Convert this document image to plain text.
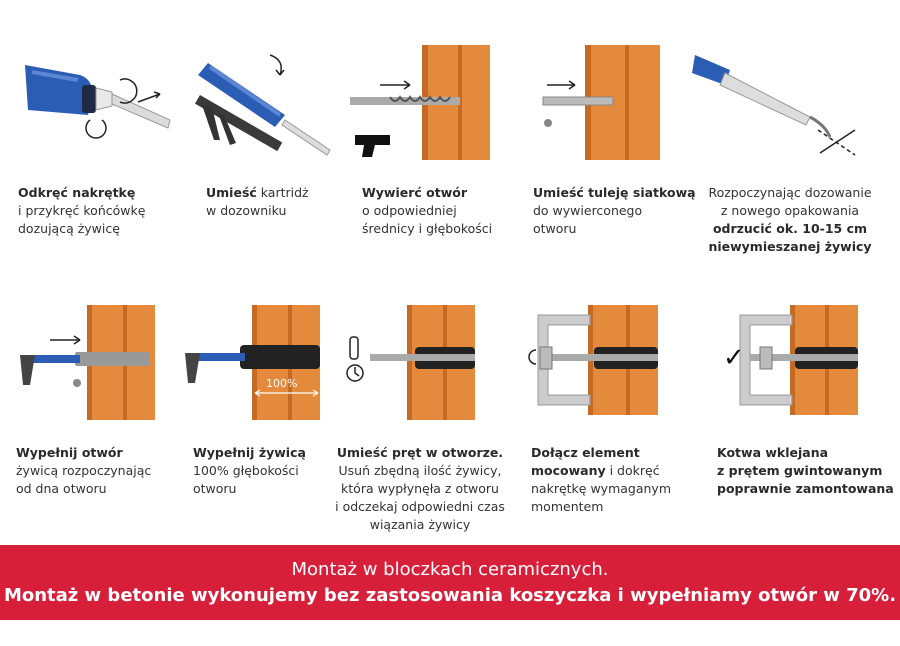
Odkręć nakrętkę
i przykręć końcówkę
dozującą żywicę
Umieść kartridż
w dozowniku
Wywierć otwór
o odpowiedniej
średnicy i głębokości
Umieść tuleję siatkową
do wywierconego
otworu
Rozpoczynając dozowanie
z nowego opakowania
odrzucić ok. 10-15 cm
niewymieszanej żywicy
100%
✓
Wypełnij otwór
żywicą rozpoczynając
od dna otworu
Wypełnij żywicą
100% głębokości
otworu
Umieść pręt w otworze.
Usuń zbędną ilość żywicy,
która wypłynęła z otworu
i odczekaj odpowiedni czas
wiązania żywicy
Dołącz element
mocowany i dokręć
nakrętkę wymaganym
momentem
Kotwa wklejana
z prętem gwintowanym
poprawnie zamontowana
Montaż w bloczkach ceramicznych.
Montaż w betonie wykonujemy bez zastosowania koszyczka i wypełniamy otwór w 70%.
